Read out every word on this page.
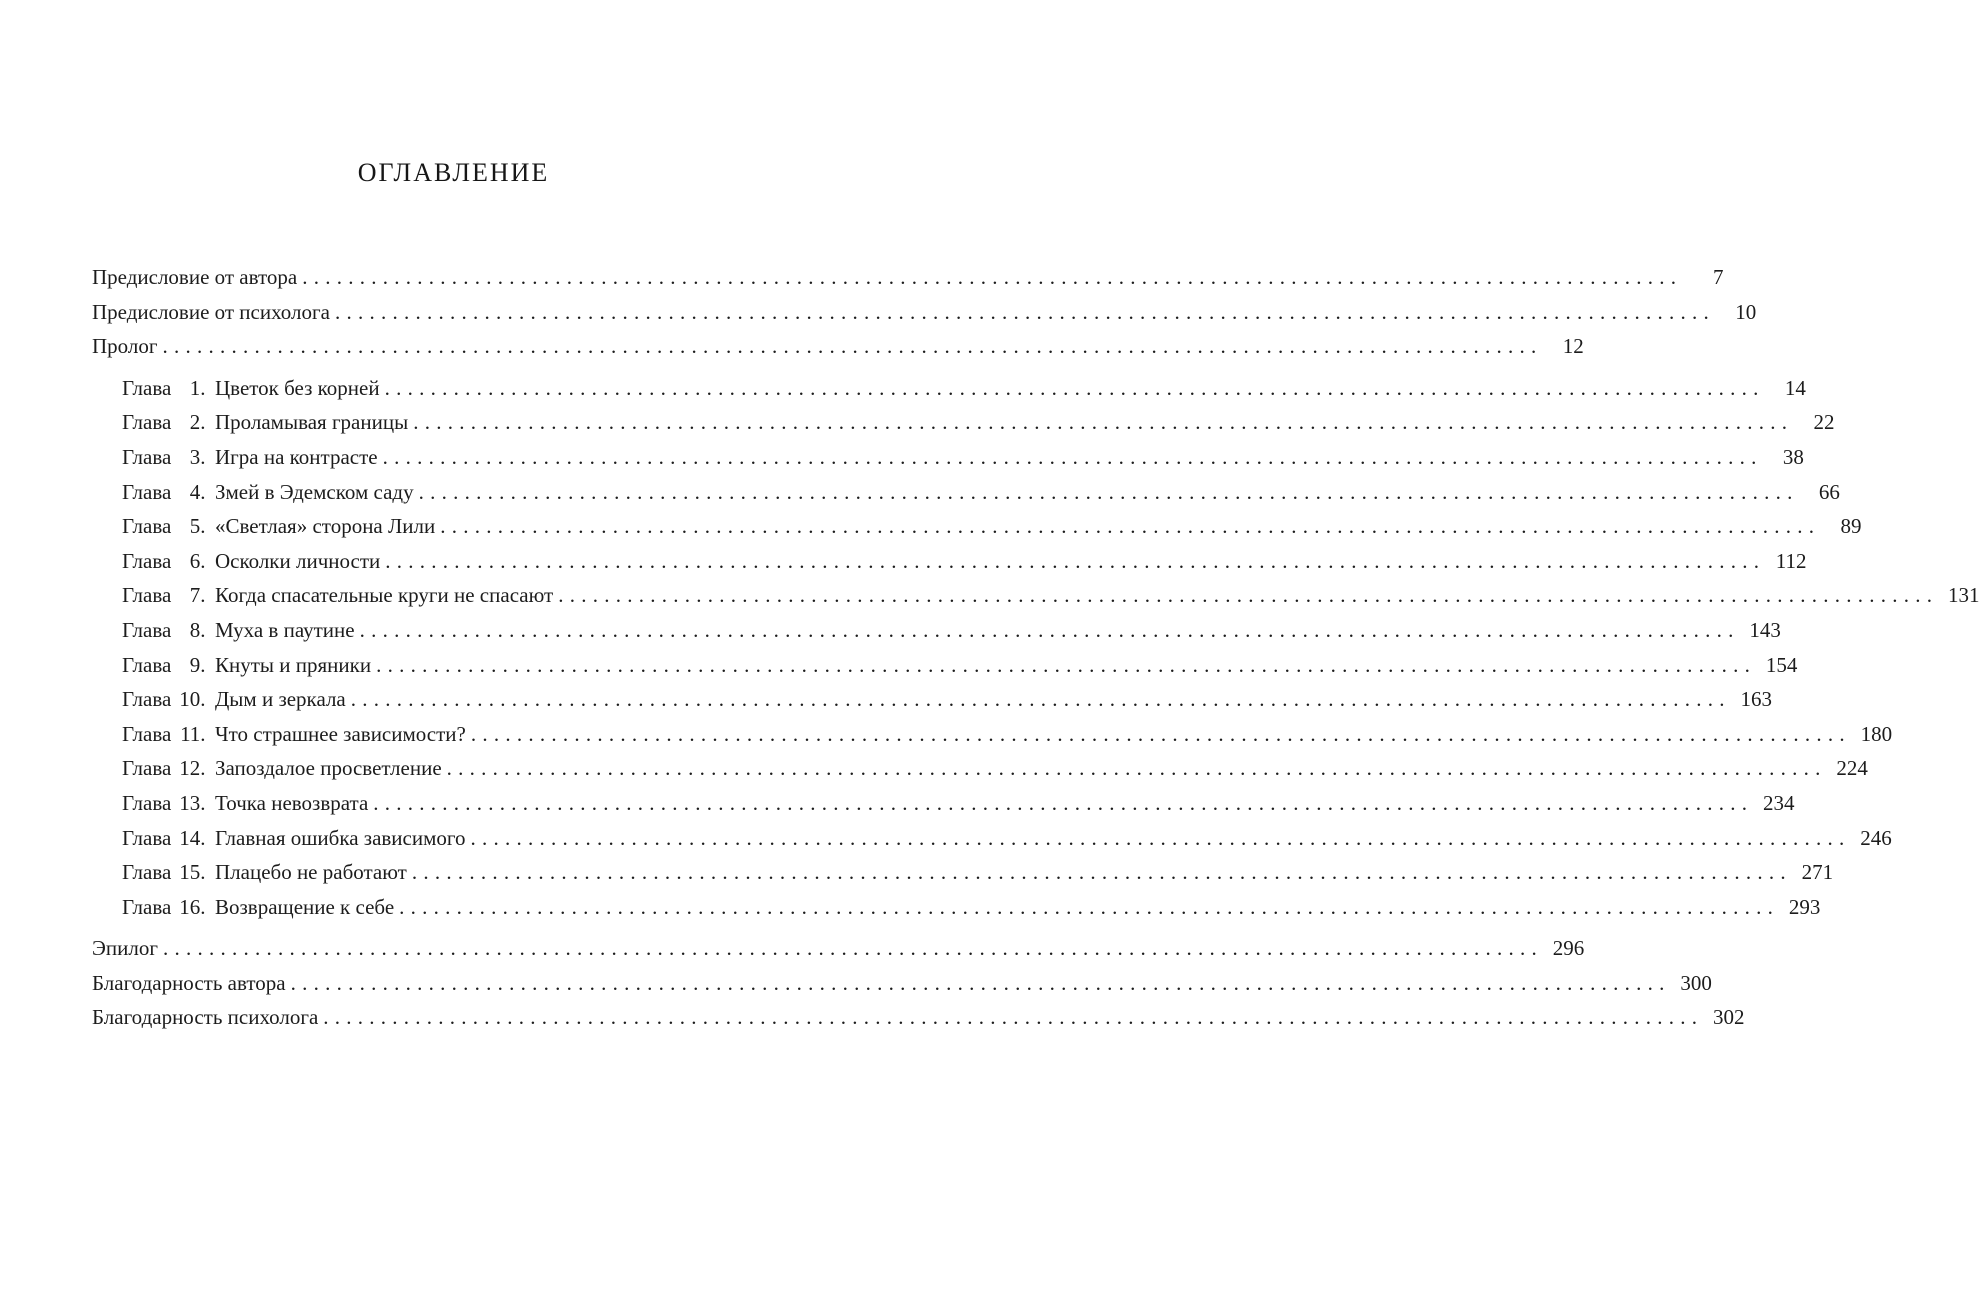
ОГЛАВЛЕНИЕ
Предисловие от автора . . . . . . . . . . . . . . . . . . . . . . . . . . . . . . . . . . . . . . . . . . . . . . . . . . . . . . . . . . . . . . . . . . . . . . . . . . . . . . . . . . . . . . . . . . . . . . . . . . . . . . . . . . . . . . . . . . . . . . . .	7
Предисловие от психолога . . . . . . . . . . . . . . . . . . . . . . . . . . . . . . . . . . . . . . . . . . . . . . . . . . . . . . . . . . . . . . . . . . . . . . . . . . . . . . . . . . . . . . . . . . . . . . . . . . . . . . . . . . . . . . . . . . . . . . . .	10
Пролог . . . . . . . . . . . . . . . . . . . . . . . . . . . . . . . . . . . . . . . . . . . . . . . . . . . . . . . . . . . . . . . . . . . . . . . . . . . . . . . . . . . . . . . . . . . . . . . . . . . . . . . . . . . . . . . . . . . . . . . .	12
Глава 1. Цветок без корней . . . . . . . . . . . . . . . . . . . . . . . . . . . . . . . . . . . . . . . . . . . . . . . . . . . . . . . . . . . . . . . . . . . . . . . . . . . . . . . . . . . . . . . . . . . . . . . . . . . . . . . . . . . . . . . . . . . . . . . .	14
Глава 2. Проламывая границы . . . . . . . . . . . . . . . . . . . . . . . . . . . . . . . . . . . . . . . . . . . . . . . . . . . . . . . . . . . . . . . . . . . . . . . . . . . . . . . . . . . . . . . . . . . . . . . . . . . . . . . . . . . . . . . . . . . . . . . .	22
Глава 3. Игра на контрасте . . . . . . . . . . . . . . . . . . . . . . . . . . . . . . . . . . . . . . . . . . . . . . . . . . . . . . . . . . . . . . . . . . . . . . . . . . . . . . . . . . . . . . . . . . . . . . . . . . . . . . . . . . . . . . . . . . . . . . . .	38
Глава 4. Змей в Эдемском саду . . . . . . . . . . . . . . . . . . . . . . . . . . . . . . . . . . . . . . . . . . . . . . . . . . . . . . . . . . . . . . . . . . . . . . . . . . . . . . . . . . . . . . . . . . . . . . . . . . . . . . . . . . . . . . . . . . . . . . . .	66
Глава 5. «Светлая» сторона Лили . . . . . . . . . . . . . . . . . . . . . . . . . . . . . . . . . . . . . . . . . . . . . . . . . . . . . . . . . . . . . . . . . . . . . . . . . . . . . . . . . . . . . . . . . . . . . . . . . . . . . . . . . . . . . . . . . . . . . . . .	89
Глава 6. Осколки личности . . . . . . . . . . . . . . . . . . . . . . . . . . . . . . . . . . . . . . . . . . . . . . . . . . . . . . . . . . . . . . . . . . . . . . . . . . . . . . . . . . . . . . . . . . . . . . . . . . . . . . . . . . . . . . . . . . . . . . . . 112
Глава 7. Когда спасательные круги не спасают . . . . . . . . . . . . . . . . . . . . . . . . . . . . . . . . . . . . . . . . . . . . . . . . . . . . . . . . . . . . . . . . . . . . . . . . . . . . . . . . . . . . . . . . . . . . . . . . . . . . . . . . . . . . . . . . . . . . . . . . 131
Глава 8. Муха в паутине . . . . . . . . . . . . . . . . . . . . . . . . . . . . . . . . . . . . . . . . . . . . . . . . . . . . . . . . . . . . . . . . . . . . . . . . . . . . . . . . . . . . . . . . . . . . . . . . . . . . . . . . . . . . . . . . . . . . . . . . 143
Глава 9. Кнуты и пряники . . . . . . . . . . . . . . . . . . . . . . . . . . . . . . . . . . . . . . . . . . . . . . . . . . . . . . . . . . . . . . . . . . . . . . . . . . . . . . . . . . . . . . . . . . . . . . . . . . . . . . . . . . . . . . . . . . . . . . . . 154
Глава 10. Дым и зеркала . . . . . . . . . . . . . . . . . . . . . . . . . . . . . . . . . . . . . . . . . . . . . . . . . . . . . . . . . . . . . . . . . . . . . . . . . . . . . . . . . . . . . . . . . . . . . . . . . . . . . . . . . . . . . . . . . . . . . . . . 163
Глава 11. Что страшнее зависимости? . . . . . . . . . . . . . . . . . . . . . . . . . . . . . . . . . . . . . . . . . . . . . . . . . . . . . . . . . . . . . . . . . . . . . . . . . . . . . . . . . . . . . . . . . . . . . . . . . . . . . . . . . . . . . . . . . . . . . . . . 180
Глава 12. Запоздалое просветление . . . . . . . . . . . . . . . . . . . . . . . . . . . . . . . . . . . . . . . . . . . . . . . . . . . . . . . . . . . . . . . . . . . . . . . . . . . . . . . . . . . . . . . . . . . . . . . . . . . . . . . . . . . . . . . . . . . . . . . . 224
Глава 13. Точка невозврата . . . . . . . . . . . . . . . . . . . . . . . . . . . . . . . . . . . . . . . . . . . . . . . . . . . . . . . . . . . . . . . . . . . . . . . . . . . . . . . . . . . . . . . . . . . . . . . . . . . . . . . . . . . . . . . . . . . . . . . . 234
Глава 14. Главная ошибка зависимого . . . . . . . . . . . . . . . . . . . . . . . . . . . . . . . . . . . . . . . . . . . . . . . . . . . . . . . . . . . . . . . . . . . . . . . . . . . . . . . . . . . . . . . . . . . . . . . . . . . . . . . . . . . . . . . . . . . . . . . . 246
Глава 15. Плацебо не работают . . . . . . . . . . . . . . . . . . . . . . . . . . . . . . . . . . . . . . . . . . . . . . . . . . . . . . . . . . . . . . . . . . . . . . . . . . . . . . . . . . . . . . . . . . . . . . . . . . . . . . . . . . . . . . . . . . . . . . . . 271
Глава 16. Возвращение к себе . . . . . . . . . . . . . . . . . . . . . . . . . . . . . . . . . . . . . . . . . . . . . . . . . . . . . . . . . . . . . . . . . . . . . . . . . . . . . . . . . . . . . . . . . . . . . . . . . . . . . . . . . . . . . . . . . . . . . . . . 293
Эпилог . . . . . . . . . . . . . . . . . . . . . . . . . . . . . . . . . . . . . . . . . . . . . . . . . . . . . . . . . . . . . . . . . . . . . . . . . . . . . . . . . . . . . . . . . . . . . . . . . . . . . . . . . . . . . . . . . . . . . . . . 296
Благодарность автора . . . . . . . . . . . . . . . . . . . . . . . . . . . . . . . . . . . . . . . . . . . . . . . . . . . . . . . . . . . . . . . . . . . . . . . . . . . . . . . . . . . . . . . . . . . . . . . . . . . . . . . . . . . . . . . . . . . . . . . . 300
Благодарность психолога . . . . . . . . . . . . . . . . . . . . . . . . . . . . . . . . . . . . . . . . . . . . . . . . . . . . . . . . . . . . . . . . . . . . . . . . . . . . . . . . . . . . . . . . . . . . . . . . . . . . . . . . . . . . . . . . . . . . . . . . 302
